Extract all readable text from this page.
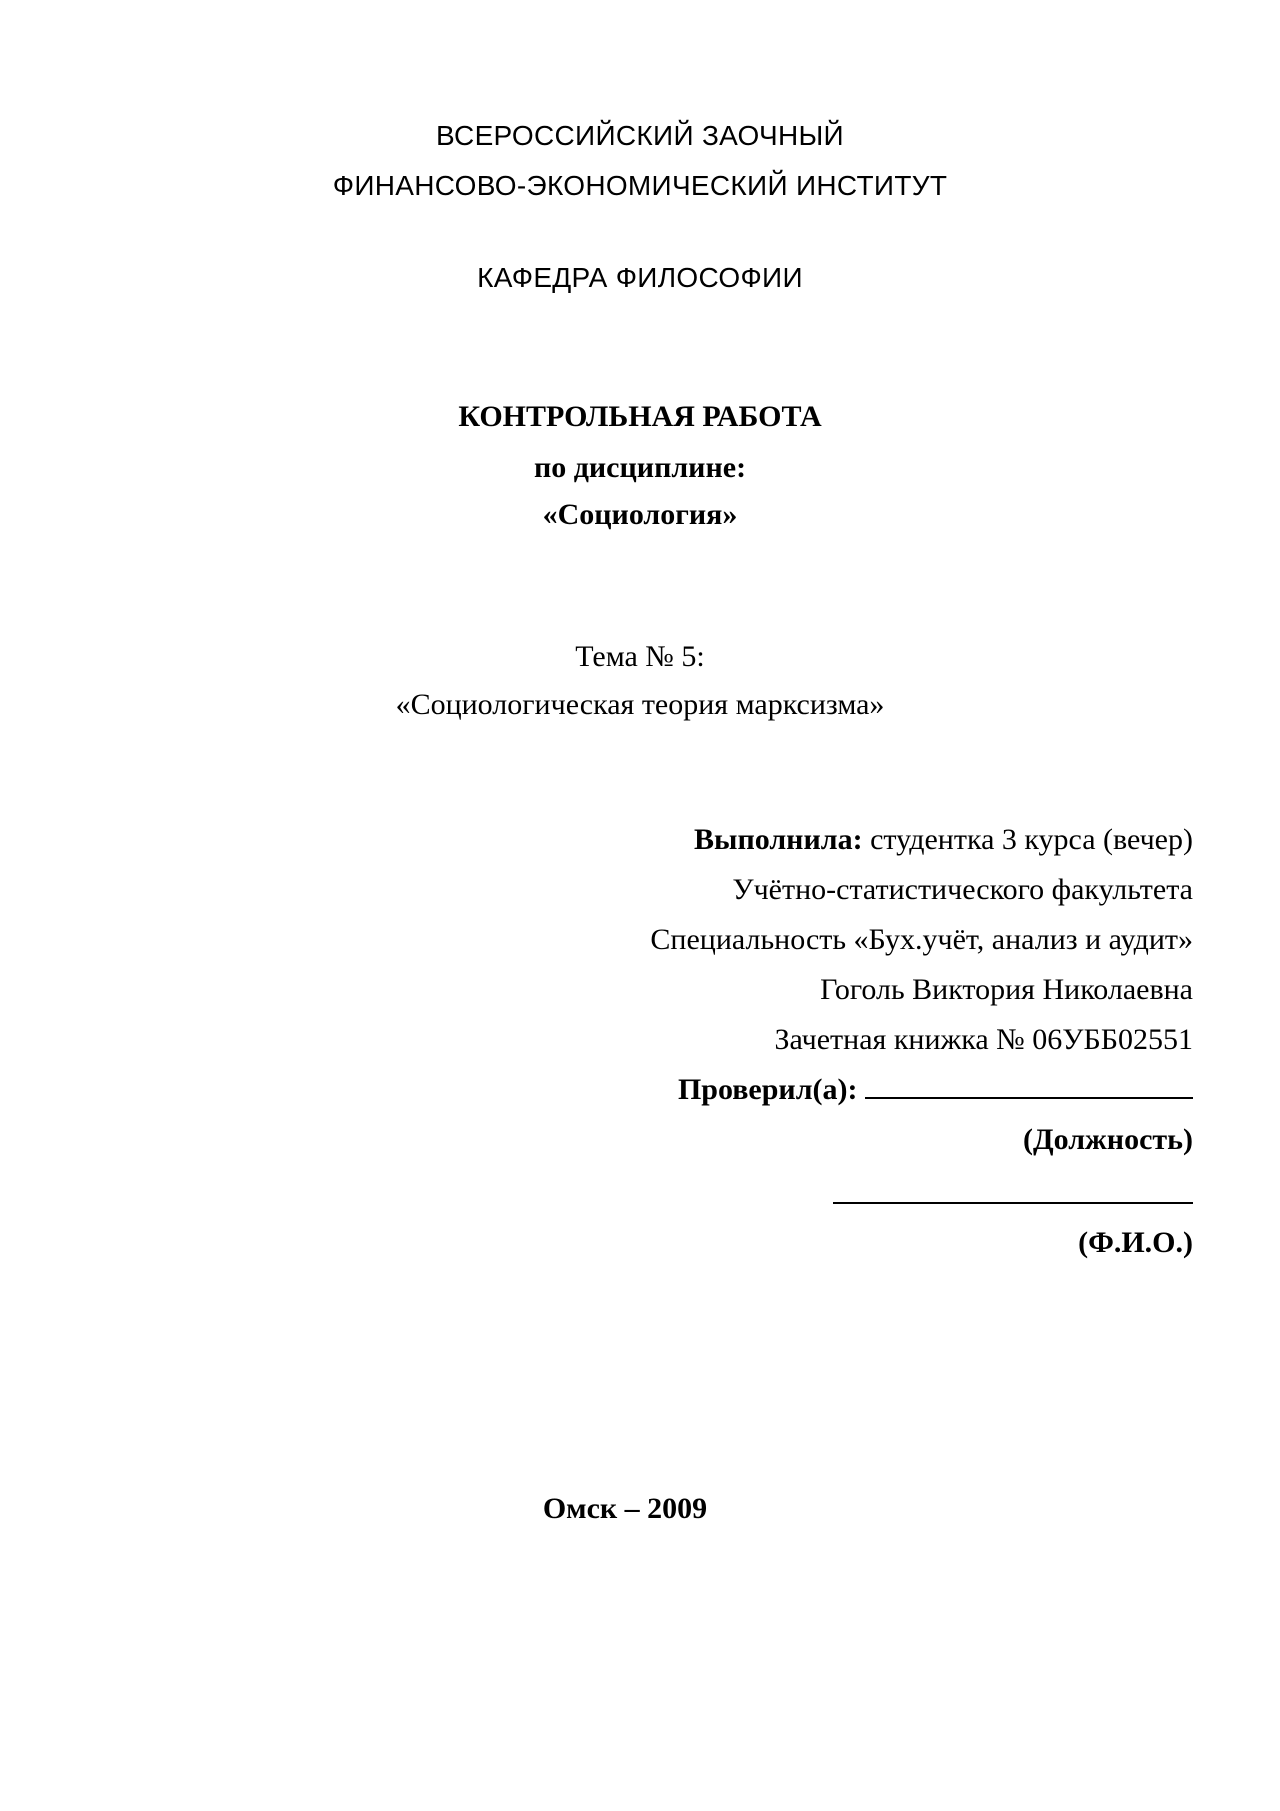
ВСЕРОССИЙСКИЙ ЗАОЧНЫЙ
ФИНАНСОВО-ЭКОНОМИЧЕСКИЙ ИНСТИТУТ
КАФЕДРА ФИЛОСОФИИ
КОНТРОЛЬНАЯ РАБОТА
по дисциплине:
«Социология»
Тема № 5:
«Социологическая теория марксизма»
Выполнила: студентка 3 курса (вечер)
Учётно-статистического факультета
Специальность «Бух.учёт, анализ и аудит»
Гоголь Виктория Николаевна
Зачетная книжка № 06УББ02551
Проверил(а):
(Должность)
(Ф.И.О.)
Омск – 2009
